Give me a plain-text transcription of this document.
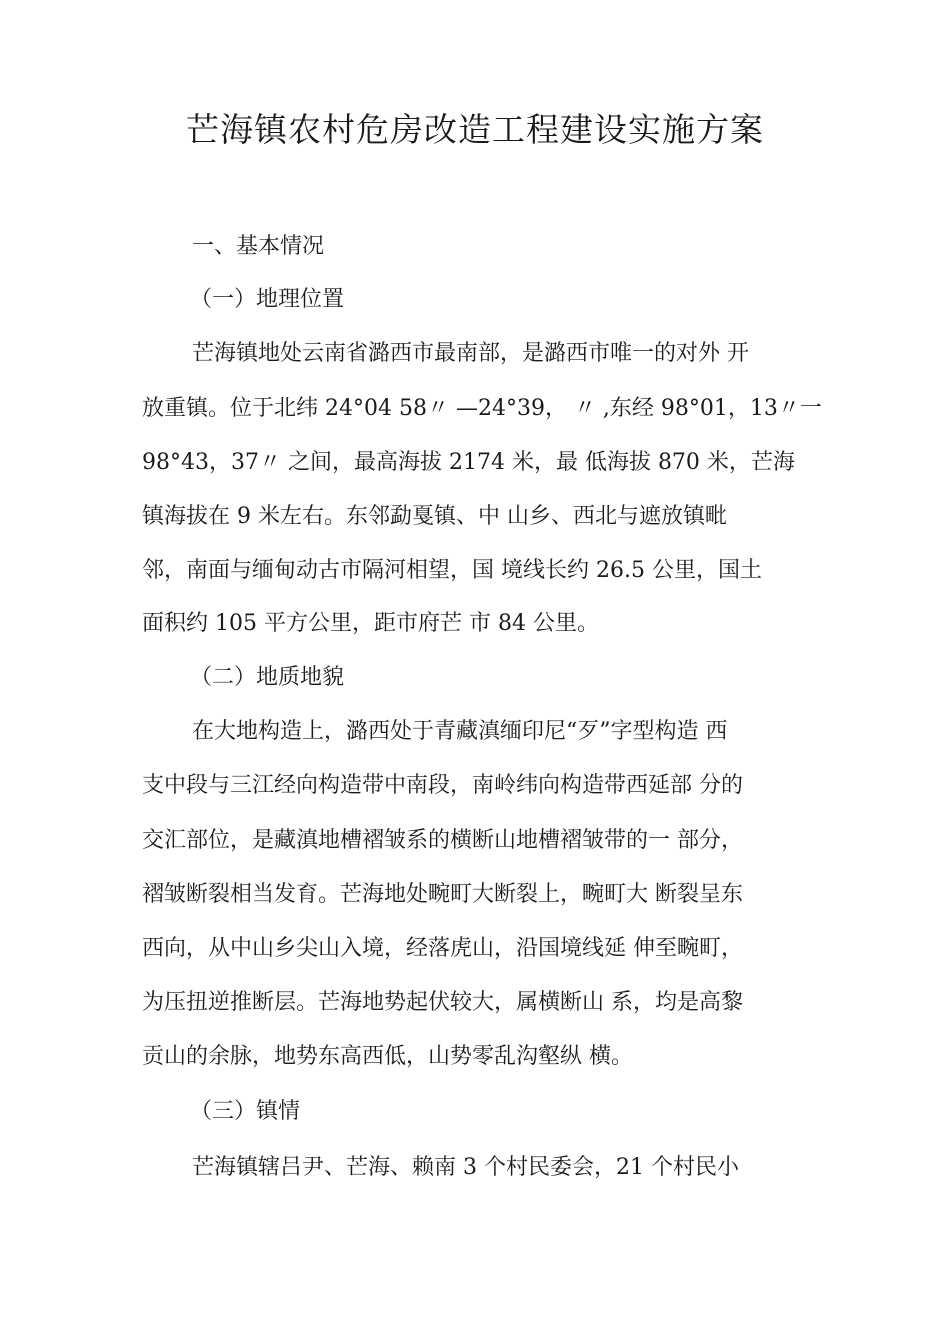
芒海镇农村危房改造工程建设实施方案
一、基本情况
（一）地理位置
芒海镇地处云南省潞西市最南部，是潞西市唯一的对外 开
放重镇。位于北纬 24°04 58〃 —24°39， 〃 ,东经 98°01，13〃一
98°43，37〃 之间，最高海拔 2174 米，最 低海拔 870 米，芒海
镇海拔在 9 米左右。东邻勐戛镇、中 山乡、西北与遮放镇毗
邻，南面与缅甸动古市隔河相望，国 境线长约 26.5 公里，国土
面积约 105 平方公里，距市府芒 市 84 公里。
（二）地质地貌
在大地构造上，潞西处于青藏滇缅印尼“歹”字型构造 西
支中段与三江经向构造带中南段，南岭纬向构造带西延部 分的
交汇部位，是藏滇地槽褶皱系的横断山地槽褶皱带的一 部分，
褶皱断裂相当发育。芒海地处畹町大断裂上，畹町大 断裂呈东
西向，从中山乡尖山入境，经落虎山，沿国境线延 伸至畹町，
为压扭逆推断层。芒海地势起伏较大，属横断山 系，均是高黎
贡山的余脉，地势东高西低，山势零乱沟壑纵 横。
（三）镇情
芒海镇辖吕尹、芒海、赖南 3 个村民委会，21 个村民小
